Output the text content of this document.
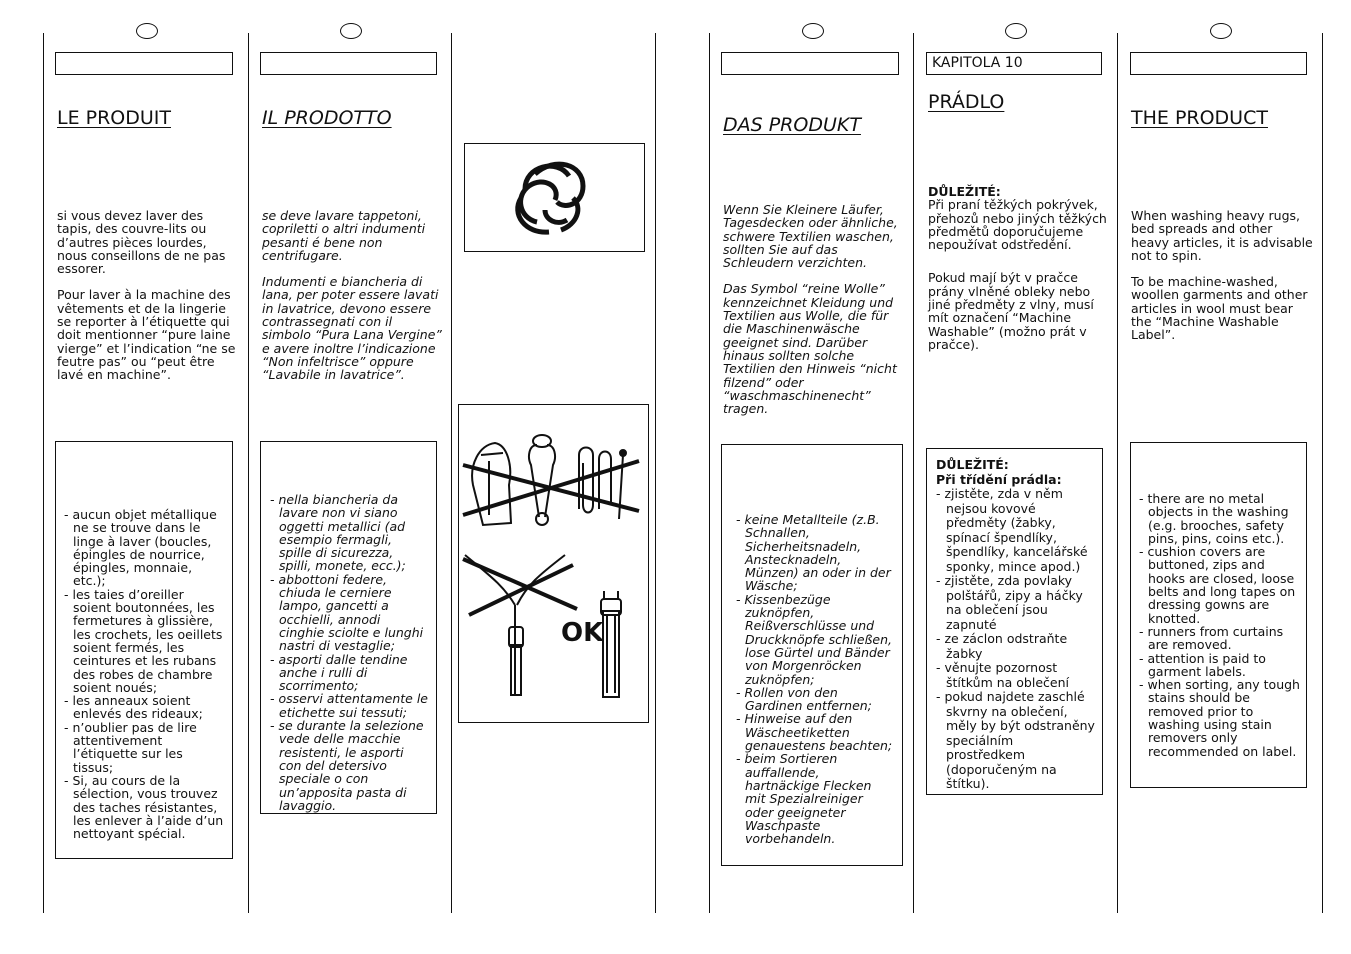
KAPITOLA 10
LE PRODUIT

si vous devez laver des tapis, des couvre-lits ou d’autres pièces lourdes, nous conseillons de ne pas essorer.

Pour laver à la machine des vêtements et de la lingerie se reporter à l’étiquette qui doit mentionner “pure laine vierge” et l’indication “ne se feutre pas” ou “peut être lavé en machine”.

- aucun objet métallique ne se trouve dans le linge à laver (boucles, épingles de nourrice, épingles, monnaie, etc.);
- les taies d’oreiller soient boutonnées, les fermetures à glissière, les crochets, les oeillets soient fermés, les ceintures et les rubans des robes de chambre soient noués;
- les anneaux soient enlevés des rideaux;
- n’oublier pas de lire attentivement l’étiquette sur les tissus;
- Si, au cours de la sélection, vous trouvez des taches résistantes, les enlever à l’aide d’un nettoyant spécial.
IL PRODOTTO

se deve lavare tappetoni, copriletti o altri indumenti pesanti é bene non centrifugare.

Indumenti e biancheria di lana, per poter essere lavati in lavatrice, devono essere contrassegnati con il simbolo “Pura Lana Vergine” e avere inoltre l’indicazione “Non infeltrisce” oppure “Lavabile in lavatrice”.

- nella biancheria da lavare non vi siano oggetti metallici (ad esempio fermagli, spille di sicurezza, spilli, monete, ecc.);
- abbottoni federe, chiuda le cerniere lampo, gancetti a occhielli, annodi cinghie sciolte e lunghi nastri di vestaglie;
- asporti dalle tendine anche i rulli di scorrimento;
- osservi attentamente le etichette sui tessuti;
- se durante la selezione vede delle macchie resistenti, le asporti con del detersivo speciale o con un’apposita pasta di lavaggio.
OK
DAS PRODUKT

Wenn Sie Kleinere Läufer, Tagesdecken oder ähnliche, schwere Textilien waschen, sollten Sie auf das Schleudern verzichten.

Das Symbol “reine Wolle” kennzeichnet Kleidung und Textilien aus Wolle, die für die Maschinenwäsche geeignet sind. Darüber hinaus sollten solche Textilien den Hinweis “nicht filzend” oder “waschmaschinenecht” tragen.

- keine Metallteile (z.B. Schnallen, Sicherheitsnadeln, Anstecknadeln, Münzen) an oder in der Wäsche;
- Kissenbezüge zuknöpfen, Reißverschlüsse und Druckknöpfe schließen, lose Gürtel und Bänder von Morgenröcken zuknöpfen;
- Rollen von den Gardinen entfernen;
- Hinweise auf den Wäscheetiketten genauestens beachten;
- beim Sortieren auffallende, hartnäckige Flecken mit Spezialreiniger oder geeigneter Waschpaste vorbehandeln.
PRÁDLO

DŮLEŽITÉ:

Při praní těžkých pokrývek, přehozů nebo jiných těžkých předmětů doporučujeme nepoužívat odstředění.

Pokud mají být v pračce prány vlněné obleky nebo jiné předměty z vlny, musí mít označení “Machine Washable” (možno prát v pračce).

DŮLEŽITÉ:
Při třídění prádla:
- zjistěte, zda v něm nejsou kovové předměty (žabky, spínací špendlíky, špendlíky, kancelářské sponky, mince apod.)
- zjistěte, zda povlaky polštářů, zipy a háčky na oblečení jsou zapnuté
- ze záclon odstraňte žabky
- věnujte pozornost štítkům na oblečení
- pokud najdete zaschlé skvrny na oblečení, měly by být odstraněny speciálním prostředkem (doporučeným na štítku).
THE PRODUCT

When washing heavy rugs, bed spreads and other heavy articles, it is advisable not to spin.

To be machine-washed, woollen garments and other articles in wool must bear the “Machine Washable Label”.

- there are no metal objects in the washing (e.g. brooches, safety pins, pins, coins etc.).
- cushion covers are buttoned, zips and hooks are closed, loose belts and long tapes on dressing gowns are knotted.
- runners from curtains are removed.
- attention is paid to garment labels.
- when sorting, any tough stains should be removed prior to washing using stain removers only recommended on label.
